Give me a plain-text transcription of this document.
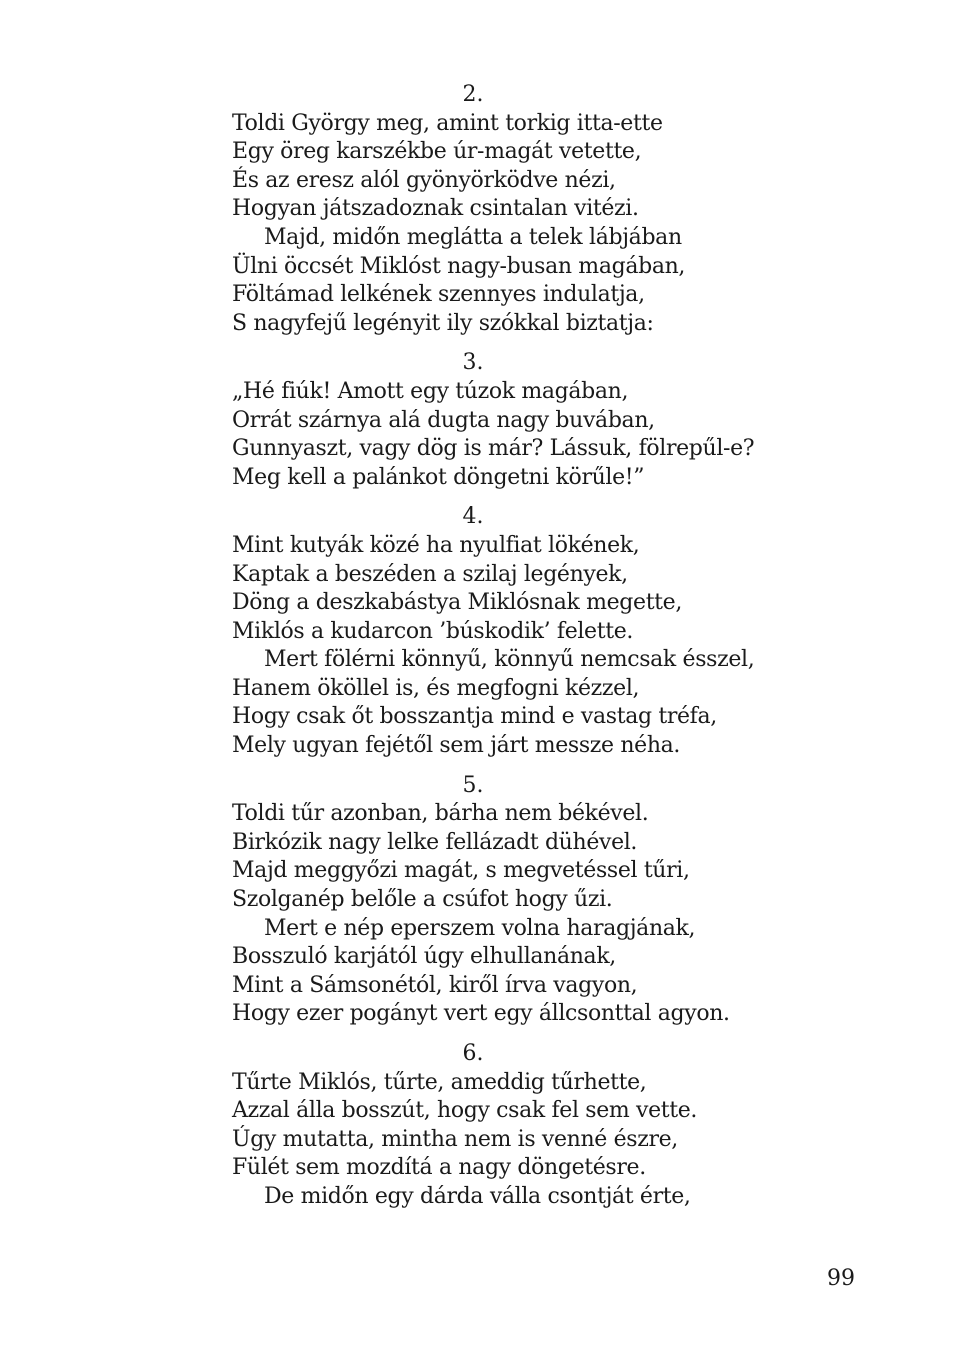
2.
Toldi György meg, amint torkig itta-ette
Egy öreg karszékbe úr-magát vetette,
És az eresz alól gyönyörködve nézi,
Hogyan játszadoznak csintalan vitézi.
Majd, midőn meglátta a telek lábjában
Ülni öccsét Miklóst nagy-busan magában,
Föltámad lelkének szennyes indulatja,
S nagyfejű legényit ily szókkal biztatja:
3.
„Hé fiúk! Amott egy túzok magában,
Orrát szárnya alá dugta nagy buvában,
Gunnyaszt, vagy dög is már? Lássuk, fölrepűl-e?
Meg kell a palánkot döngetni körűle!”
4.
Mint kutyák közé ha nyulfiat lökének,
Kaptak a beszéden a szilaj legények,
Döng a deszkabástya Miklósnak megette,
Miklós a kudarcon ’búskodik’ felette.
Mert fölérni könnyű, könnyű nemcsak ésszel,
Hanem ököllel is, és megfogni kézzel,
Hogy csak őt bosszantja mind e vastag tréfa,
Mely ugyan fejétől sem járt messze néha.
5.
Toldi tűr azonban, bárha nem békével.
Birkózik nagy lelke fellázadt dühével.
Majd meggyőzi magát, s megvetéssel tűri,
Szolganép belőle a csúfot hogy űzi.
Mert e nép eperszem volna haragjának,
Bosszuló karjától úgy elhullanának,
Mint a Sámsonétól, kiről írva vagyon,
Hogy ezer pogányt vert egy állcsonttal agyon.
6.
Tűrte Miklós, tűrte, ameddig tűrhette,
Azzal álla bosszút, hogy csak fel sem vette.
Úgy mutatta, mintha nem is venné észre,
Fülét sem mozdítá a nagy döngetésre.
De midőn egy dárda válla csontját érte,
99
